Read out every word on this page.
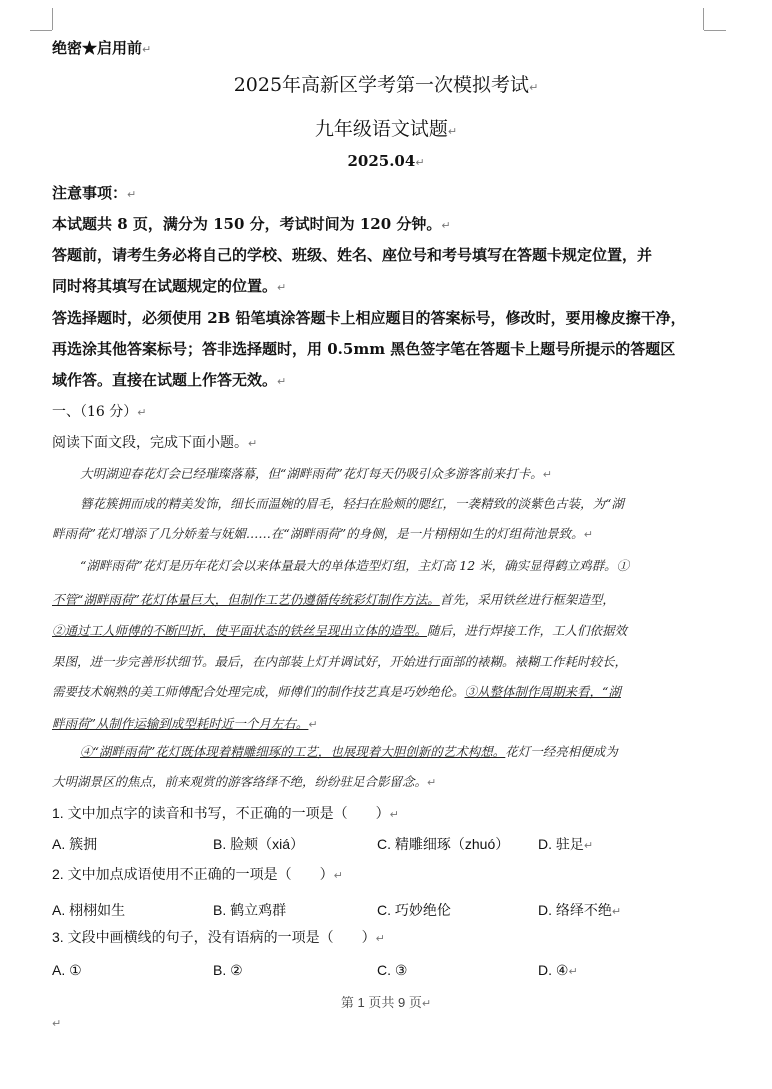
绝密★启用前↵
2025年高新区学考第一次模拟考试↵
九年级语文试题↵
2025.04↵
注意事项：↵
本试题共 8 页，满分为 150 分，考试时间为 120 分钟。↵
答题前，请考生务必将自己的学校、班级、姓名、座位号和考号填写在答题卡规定位置，并
同时将其填写在试题规定的位置。↵
答选择题时，必须使用 2B 铅笔填涂答题卡上相应题目的答案标号，修改时，要用橡皮擦干净，
再选涂其他答案标号；答非选择题时，用 0.5mm 黑色签字笔在答题卡上题号所提示的答题区
域作答。直接在试题上作答无效。↵
一、（16 分）↵
阅读下面文段，完成下面小题。↵
大明湖迎春花灯会已经璀璨落幕，但“湖畔雨荷”花灯每天仍吸引众多游客前来打卡。↵
簪花簇拥而成的精美发饰，细长而温婉的眉毛，轻扫在脸颊的腮红，一袭精致的淡紫色古装，为“湖
畔雨荷”花灯增添了几分娇羞与妩媚……在“湖畔雨荷”的身侧，是一片栩栩如生的灯组荷池景致。↵
“湖畔雨荷”花灯是历年花灯会以来体量最大的单体造型灯组，主灯高 12 米，确实显得鹤立鸡群。①
不管“湖畔雨荷”花灯体量巨大，但制作工艺仍遵循传统彩灯制作方法。首先，采用铁丝进行框架造型，
②通过工人师傅的不断凹折，使平面状态的铁丝呈现出立体的造型。随后，进行焊接工作，工人们依据效
果图，进一步完善形状细节。最后，在内部装上灯并调试好，开始进行面部的裱糊。裱糊工作耗时较长，
需要技术娴熟的美工师傅配合处理完成，师傅们的制作技艺真是巧妙绝伦。③从整体制作周期来看，“湖
畔雨荷”从制作运输到成型耗时近一个月左右。↵
④“湖畔雨荷”花灯既体现着精雕细琢的工艺，也展现着大胆创新的艺术构想。花灯一经亮相便成为
大明湖景区的焦点，前来观赏的游客络绎不绝，纷纷驻足合影留念。↵
1. 文中加点字的读音和书写，不正确的一项是（　　）↵
A. 簇拥	B. 脸颊（xiá）	C. 精雕细琢（zhuó） D. 驻足↵
2. 文中加点成语使用不正确的一项是（　　）↵
A. 栩栩如生	B. 鹤立鸡群	C. 巧妙绝伦	D. 络绎不绝↵
3. 文段中画横线的句子，没有语病的一项是（　　）↵
A. ①	B. ②	C. ③	D. ④↵
第 1 页共 9 页↵
↵
